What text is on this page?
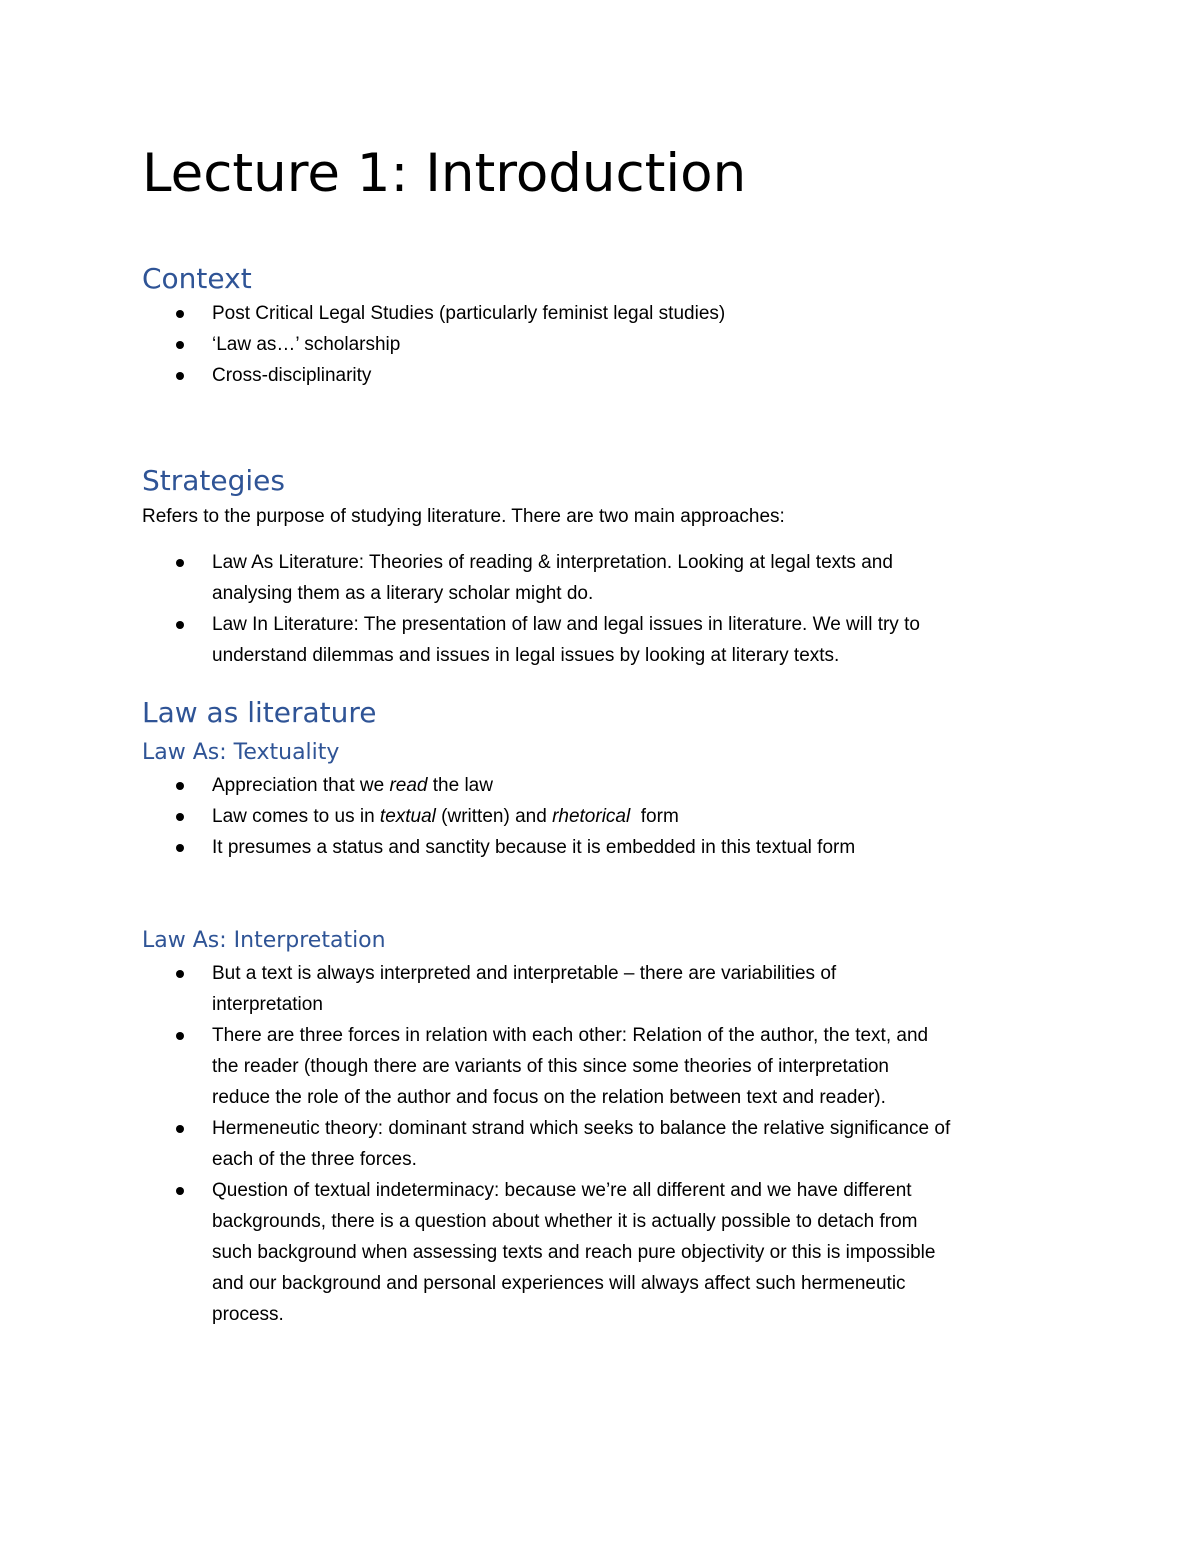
Lecture 1: Introduction
Context
Post Critical Legal Studies (particularly feminist legal studies)
‘Law as…’ scholarship
Cross-disciplinarity
Strategies

Refers to the purpose of studying literature. There are two main approaches:

Law As Literature: Theories of reading & interpretation. Looking at legal texts and
analysing them as a literary scholar might do.
Law In Literature: The presentation of law and legal issues in literature. We will try to
understand dilemmas and issues in legal issues by looking at literary texts.
Law as literature
Law As: Textuality
Appreciation that we read the law
Law comes to us in textual (written) and rhetorical  form
It presumes a status and sanctity because it is embedded in this textual form
Law As: Interpretation
But a text is always interpreted and interpretable – there are variabilities of
interpretation
There are three forces in relation with each other: Relation of the author, the text, and
the reader (though there are variants of this since some theories of interpretation
reduce the role of the author and focus on the relation between text and reader).
Hermeneutic theory: dominant strand which seeks to balance the relative significance of
each of the three forces.
Question of textual indeterminacy: because we’re all different and we have different
backgrounds, there is a question about whether it is actually possible to detach from
such background when assessing texts and reach pure objectivity or this is impossible
and our background and personal experiences will always affect such hermeneutic
process.
